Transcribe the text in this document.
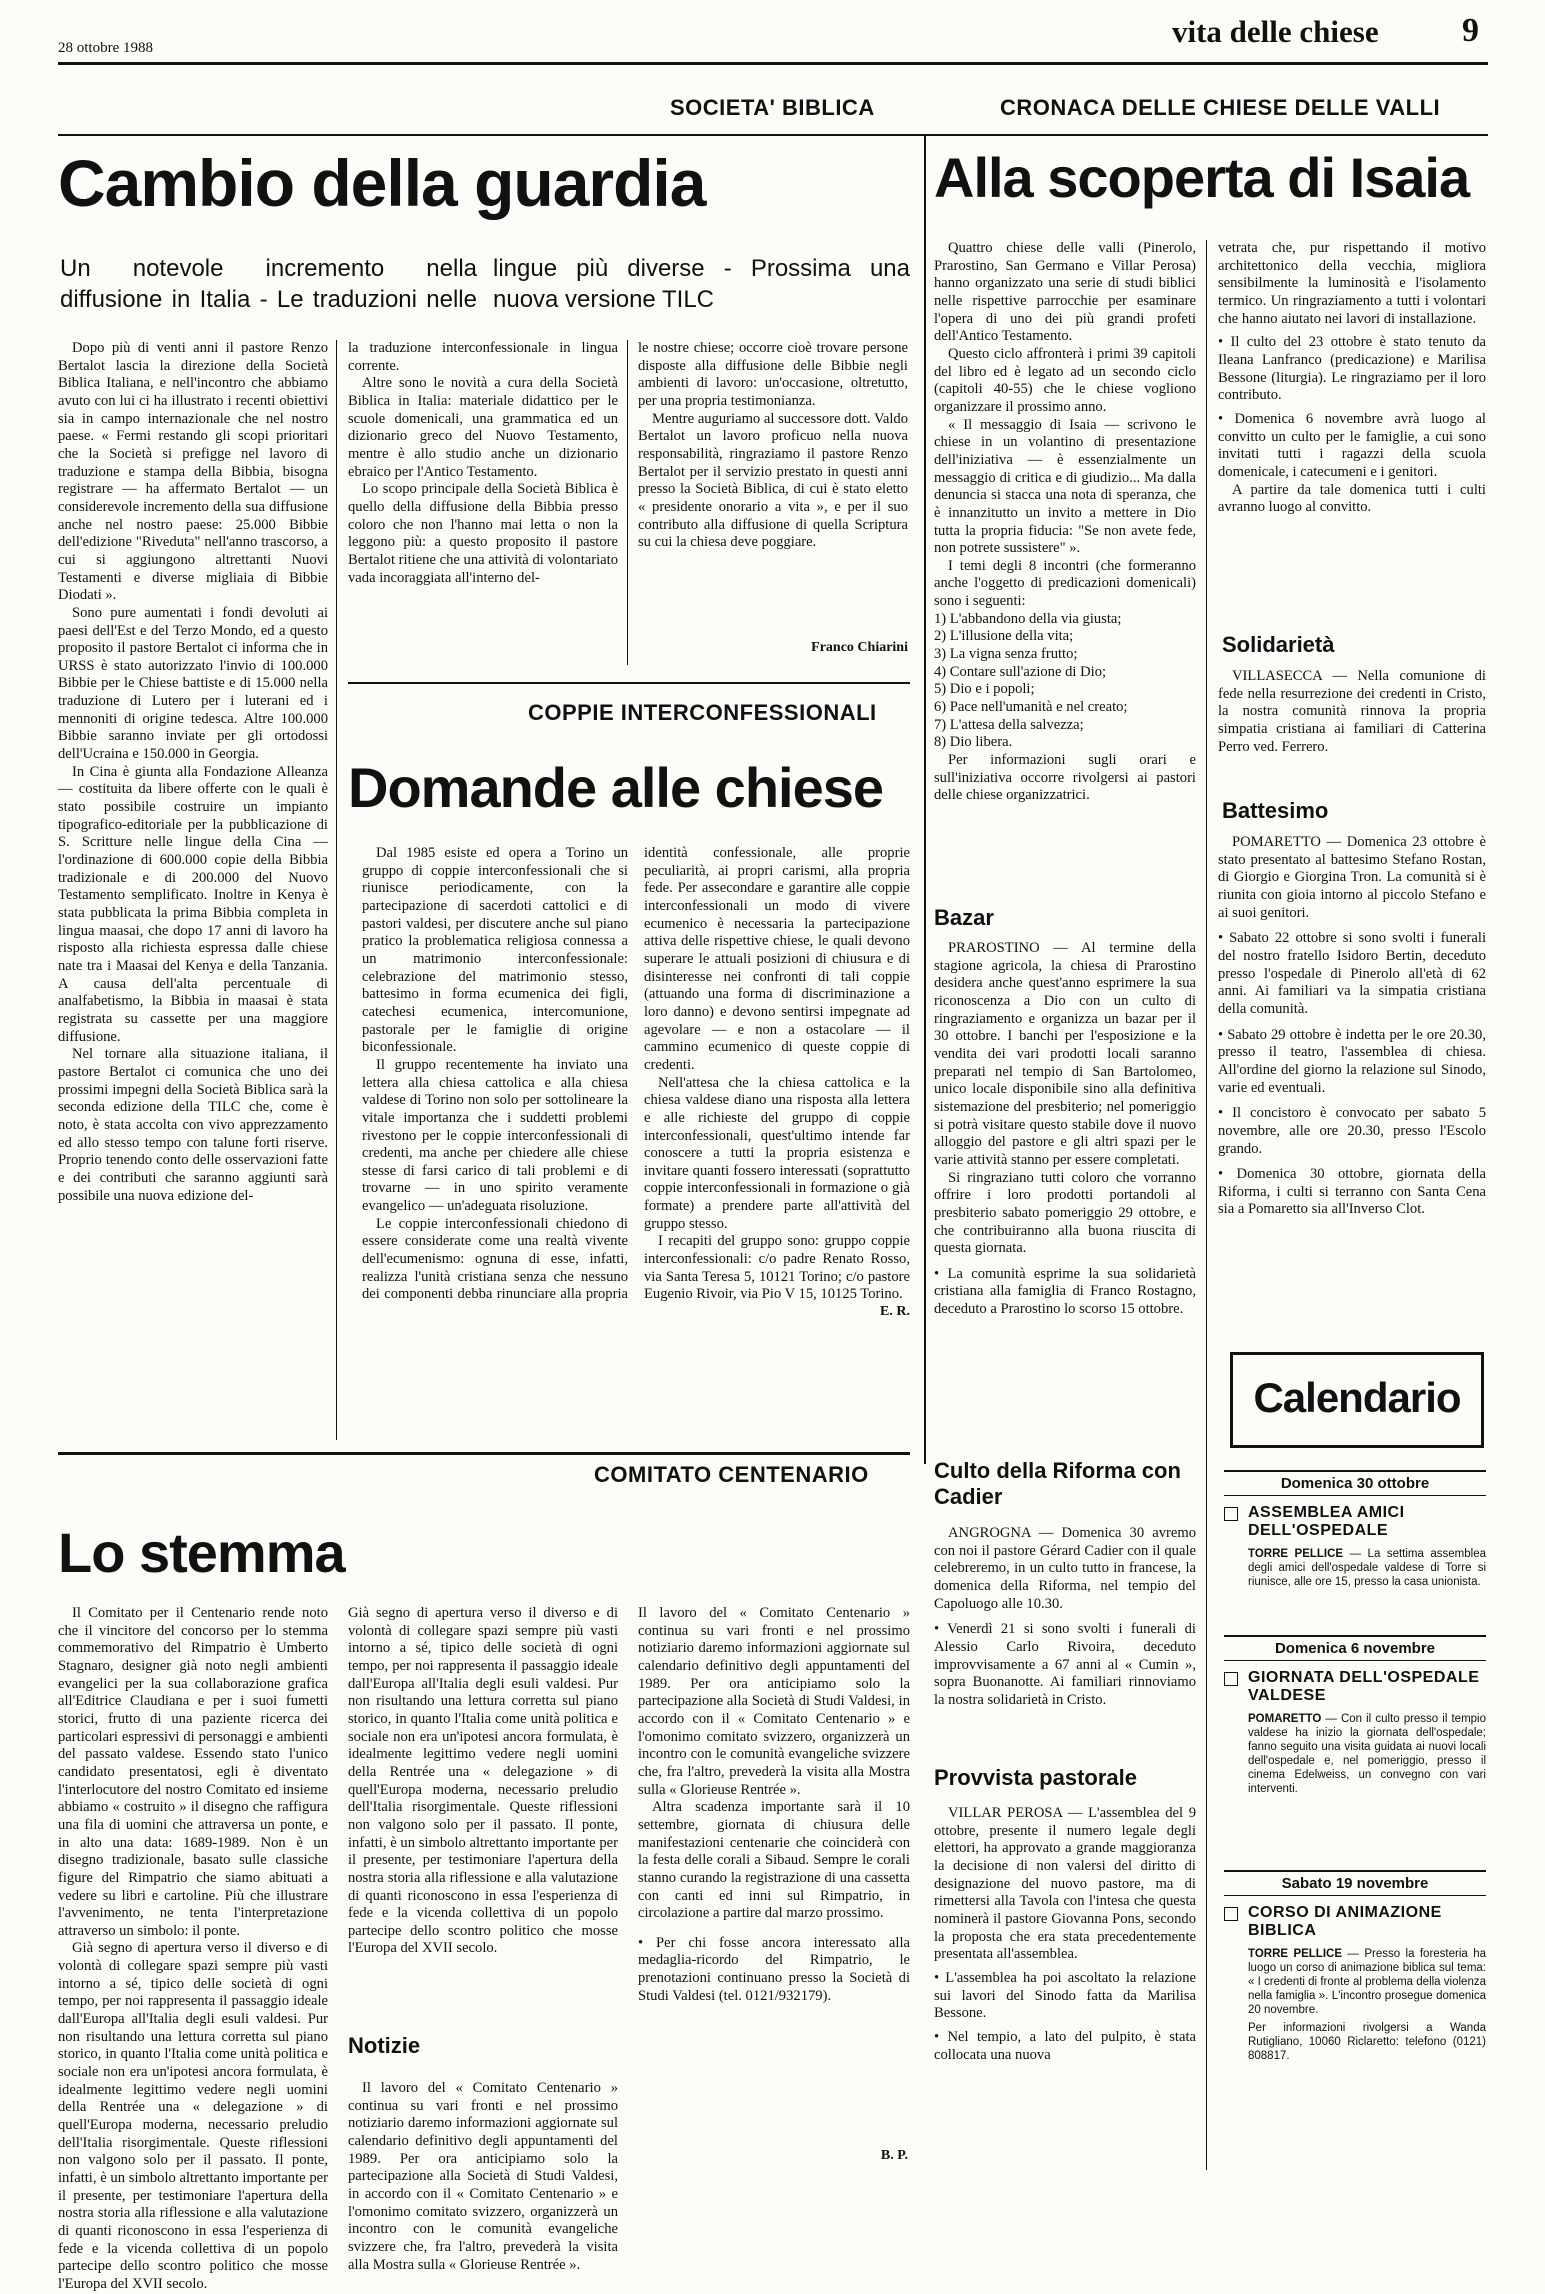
28 ottobre 1988	vita delle chiese 9
SOCIETA' BIBLICA	CRONACA DELLE CHIESE DELLE VALLI
Cambio della guardia
Un notevole incremento nella diffusione in Italia - Le traduzioni nelle lingue più diverse - Prossima una nuova versione TILC

Dopo più di venti anni il pastore Renzo Bertalot lascia la direzione della Società Biblica Italiana, e nell'incontro che abbiamo avuto con lui ci ha illustrato i recenti obiettivi sia in campo internazionale che nel nostro paese. « Fermi restando gli scopi prioritari che la Società si prefigge nel lavoro di traduzione e stampa della Bibbia, bisogna registrare — ha affermato Bertalot — un considerevole incremento della sua diffusione anche nel nostro paese: 25.000 Bibbie dell'edizione "Riveduta" nell'anno trascorso, a cui si aggiungono altrettanti Nuovi Testamenti e diverse migliaia di Bibbie Diodati ».

Sono pure aumentati i fondi devoluti ai paesi dell'Est e del Terzo Mondo, ed a questo proposito il pastore Bertalot ci informa che in URSS è stato autorizzato l'invio di 100.000 Bibbie per le Chiese battiste e di 15.000 nella traduzione di Lutero per i luterani ed i mennoniti di origine tedesca. Altre 100.000 Bibbie saranno inviate per gli ortodossi dell'Ucraina e 150.000 in Georgia.

In Cina è giunta alla Fondazione Alleanza — costituita da libere offerte con le quali è stato possibile costruire un impianto tipografico-editoriale per la pubblicazione di S. Scritture nelle lingue della Cina — l'ordinazione di 600.000 copie della Bibbia tradizionale e di 200.000 del Nuovo Testamento semplificato. Inoltre in Kenya è stata pubblicata la prima Bibbia completa in lingua maasai, che dopo 17 anni di lavoro ha risposto alla richiesta espressa dalle chiese nate tra i Maasai del Kenya e della Tanzania. A causa dell'alta percentuale di analfabetismo, la Bibbia in maasai è stata registrata su cassette per una maggiore diffusione.

Nel tornare alla situazione italiana, il pastore Bertalot ci comunica che uno dei prossimi impegni della Società Biblica sarà la seconda edizione della TILC che, come è noto, è stata accolta con vivo apprezzamento ed allo stesso tempo con talune forti riserve. Proprio tenendo conto delle osservazioni fatte e dei contributi che saranno aggiunti sarà possibile una nuova edizione del-

la traduzione interconfessionale in lingua corrente.

Altre sono le novità a cura della Società Biblica in Italia: materiale didattico per le scuole domenicali, una grammatica ed un dizionario greco del Nuovo Testamento, mentre è allo studio anche un dizionario ebraico per l'Antico Testamento.

Lo scopo principale della Società Biblica è quello della diffusione della Bibbia presso coloro che non l'hanno mai letta o non la leggono più: a questo proposito il pastore Bertalot ritiene che una attività di volontariato vada incoraggiata all'interno del-

le nostre chiese; occorre cioè trovare persone disposte alla diffusione delle Bibbie negli ambienti di lavoro: un'occasione, oltretutto, per una propria testimonianza.

Mentre auguriamo al successore dott. Valdo Bertalot un lavoro proficuo nella nuova responsabilità, ringraziamo il pastore Renzo Bertalot per il servizio prestato in questi anni presso la Società Biblica, di cui è stato eletto « presidente onorario a vita », e per il suo contributo alla diffusione di quella Scriptura su cui la chiesa deve poggiare.

Franco Chiarini
COPPIE INTERCONFESSIONALI
Domande alle chiese

Dal 1985 esiste ed opera a Torino un gruppo di coppie interconfessionali che si riunisce periodicamente, con la partecipazione di sacerdoti cattolici e di pastori valdesi, per discutere anche sul piano pratico la problematica religiosa connessa a un matrimonio interconfessionale: celebrazione del matrimonio stesso, battesimo in forma ecumenica dei figli, catechesi ecumenica, intercomunione, pastorale per le famiglie di origine biconfessionale.

Il gruppo recentemente ha inviato una lettera alla chiesa cattolica e alla chiesa valdese di Torino non solo per sottolineare la vitale importanza che i suddetti problemi rivestono per le coppie interconfessionali di credenti, ma anche per chiedere alle chiese stesse di farsi carico di tali problemi e di trovarne — in uno spirito veramente evangelico — un'adeguata risoluzione.

Le coppie interconfessionali chiedono di essere considerate come una realtà vivente dell'ecumenismo: ognuna di esse, infatti, realizza l'unità cristiana senza che nessuno dei componenti debba rinunciare alla propria identità confessionale, alle proprie peculiarità, ai propri carismi, alla propria fede. Per assecondare e garantire alle coppie interconfessionali un modo di vivere ecumenico è necessaria la partecipazione attiva delle rispettive chiese, le quali devono superare le attuali posizioni di chiusura e di disinteresse nei confronti di tali coppie (attuando una forma di discriminazione a loro danno) e devono sentirsi impegnate ad agevolare — e non a ostacolare — il cammino ecumenico di queste coppie di credenti.

Nell'attesa che la chiesa cattolica e la chiesa valdese diano una risposta alla lettera e alle richieste del gruppo di coppie interconfessionali, quest'ultimo intende far conoscere a tutti la propria esistenza e invitare quanti fossero interessati (soprattutto coppie interconfessionali in formazione o già formate) a prendere parte all'attività del gruppo stesso.

I recapiti del gruppo sono: gruppo coppie interconfessionali: c/o padre Renato Rosso, via Santa Teresa 5, 10121 Torino; c/o pastore Eugenio Rivoir, via Pio V 15, 10125 Torino.

E. R.
COMITATO CENTENARIO
Lo stemma

Il Comitato per il Centenario rende noto che il vincitore del concorso per lo stemma commemorativo del Rimpatrio è Umberto Stagnaro, designer già noto negli ambienti evangelici per la sua collaborazione grafica all'Editrice Claudiana e per i suoi fumetti storici, frutto di una paziente ricerca dei particolari espressivi di personaggi e ambienti del passato valdese. Essendo stato l'unico candidato presentatosi, egli è diventato l'interlocutore del nostro Comitato ed insieme abbiamo « costruito » il disegno che raffigura una fila di uomini che attraversa un ponte, e in alto una data: 1689-1989. Non è un disegno tradizionale, basato sulle classiche figure del Rimpatrio che siamo abituati a vedere su libri e cartoline. Più che illustrare l'avvenimento, ne tenta l'interpretazione attraverso un simbolo: il ponte.

Già segno di apertura verso il diverso e di volontà di collegare spazi sempre più vasti intorno a sé, tipico delle società di ogni tempo, per noi rappresenta il passaggio ideale dall'Europa all'Italia degli esuli valdesi. Pur non risultando una lettura corretta sul piano storico, in quanto l'Italia come unità politica e sociale non era un'ipotesi ancora formulata, è idealmente legittimo vedere negli uomini della Rentrée una « delegazione » di quell'Europa moderna, necessario preludio dell'Italia risorgimentale. Queste riflessioni non valgono solo per il passato. Il ponte, infatti, è un simbolo altrettanto importante per il presente, per testimoniare l'apertura della nostra storia alla riflessione e alla valutazione di quanti riconoscono in essa l'esperienza di fede e la vicenda collettiva di un popolo partecipe dello scontro politico che mosse l'Europa del XVII secolo.

Già segno di apertura verso il diverso e di volontà di collegare spazi sempre più vasti intorno a sé, tipico delle società di ogni tempo, per noi rappresenta il passaggio ideale dall'Europa all'Italia degli esuli valdesi. Pur non risultando una lettura corretta sul piano storico, in quanto l'Italia come unità politica e sociale non era un'ipotesi ancora formulata, è idealmente legittimo vedere negli uomini della Rentrée una « delegazione » di quell'Europa moderna, necessario preludio dell'Italia risorgimentale. Queste riflessioni non valgono solo per il passato. Il ponte, infatti, è un simbolo altrettanto importante per il presente, per testimoniare l'apertura della nostra storia alla riflessione e alla valutazione di quanti riconoscono in essa l'esperienza di fede e la vicenda collettiva di un popolo partecipe dello scontro politico che mosse l'Europa del XVII secolo.

Notizie

Il lavoro del « Comitato Centenario » continua su vari fronti e nel prossimo notiziario daremo informazioni aggiornate sul calendario definitivo degli appuntamenti del 1989. Per ora anticipiamo solo la partecipazione alla Società di Studi Valdesi, in accordo con il « Comitato Centenario » e l'omonimo comitato svizzero, organizzerà un incontro con le comunità evangeliche svizzere che, fra l'altro, prevederà la visita alla Mostra sulla « Glorieuse Rentrée ».

Il lavoro del « Comitato Centenario » continua su vari fronti e nel prossimo notiziario daremo informazioni aggiornate sul calendario definitivo degli appuntamenti del 1989. Per ora anticipiamo solo la partecipazione alla Società di Studi Valdesi, in accordo con il « Comitato Centenario » e l'omonimo comitato svizzero, organizzerà un incontro con le comunità evangeliche svizzere che, fra l'altro, prevederà la visita alla Mostra sulla « Glorieuse Rentrée ».

Altra scadenza importante sarà il 10 settembre, giornata di chiusura delle manifestazioni centenarie che coinciderà con la festa delle corali a Sibaud. Sempre le corali stanno curando la registrazione di una cassetta con canti ed inni sul Rimpatrio, in circolazione a partire dal marzo prossimo.

• Per chi fosse ancora interessato alla medaglia-ricordo del Rimpatrio, le prenotazioni continuano presso la Società di Studi Valdesi (tel. 0121/932179).

B. P.
Alla scoperta di Isaia

Quattro chiese delle valli (Pinerolo, Prarostino, San Germano e Villar Perosa) hanno organizzato una serie di studi biblici nelle rispettive parrocchie per esaminare l'opera di uno dei più grandi profeti dell'Antico Testamento.

Questo ciclo affronterà i primi 39 capitoli del libro ed è legato ad un secondo ciclo (capitoli 40-55) che le chiese vogliono organizzare il prossimo anno.

« Il messaggio di Isaia — scrivono le chiese in un volantino di presentazione dell'iniziativa — è essenzialmente un messaggio di critica e di giudizio... Ma dalla denuncia si stacca una nota di speranza, che è innanzitutto un invito a mettere in Dio tutta la propria fiducia: "Se non avete fede, non potrete sussistere" ».

I temi degli 8 incontri (che formeranno anche l'oggetto di predicazioni domenicali) sono i seguenti:

1) L'abbandono della via giusta;
2) L'illusione della vita;
3) La vigna senza frutto;
4) Contare sull'azione di Dio;
5) Dio e i popoli;
6) Pace nell'umanità e nel creato;
7) L'attesa della salvezza;
8) Dio libera.

Per informazioni sugli orari e sull'iniziativa occorre rivolgersi ai pastori delle chiese organizzatrici.

Bazar

PRAROSTINO — Al termine della stagione agricola, la chiesa di Prarostino desidera anche quest'anno esprimere la sua riconoscenza a Dio con un culto di ringraziamento e organizza un bazar per il 30 ottobre. I banchi per l'esposizione e la vendita dei vari prodotti locali saranno preparati nel tempio di San Bartolomeo, unico locale disponibile sino alla definitiva sistemazione del presbiterio; nel pomeriggio si potrà visitare questo stabile dove il nuovo alloggio del pastore e gli altri spazi per le varie attività stanno per essere completati.

Si ringraziano tutti coloro che vorranno offrire i loro prodotti portandoli al presbiterio sabato pomeriggio 29 ottobre, e che contribuiranno alla buona riuscita di questa giornata.

• La comunità esprime la sua solidarietà cristiana alla famiglia di Franco Rostagno, deceduto a Prarostino lo scorso 15 ottobre.

Culto della Riforma con Cadier

ANGROGNA — Domenica 30 avremo con noi il pastore Gérard Cadier con il quale celebreremo, in un culto tutto in francese, la domenica della Riforma, nel tempio del Capoluogo alle 10.30.

• Venerdì 21 si sono svolti i funerali di Alessio Carlo Rivoira, deceduto improvvisamente a 67 anni al « Cumin », sopra Buonanotte. Ai familiari rinnoviamo la nostra solidarietà in Cristo.

Provvista pastorale

VILLAR PEROSA — L'assemblea del 9 ottobre, presente il numero legale degli elettori, ha approvato a grande maggioranza la decisione di non valersi del diritto di designazione del nuovo pastore, ma di rimettersi alla Tavola con l'intesa che questa nominerà il pastore Giovanna Pons, secondo la proposta che era stata precedentemente presentata all'assemblea.

• L'assemblea ha poi ascoltato la relazione sui lavori del Sinodo fatta da Marilisa Bessone.

• Nel tempio, a lato del pulpito, è stata collocata una nuova

vetrata che, pur rispettando il motivo architettonico della vecchia, migliora sensibilmente la luminosità e l'isolamento termico. Un ringraziamento a tutti i volontari che hanno aiutato nei lavori di installazione.

• Il culto del 23 ottobre è stato tenuto da Ileana Lanfranco (predicazione) e Marilisa Bessone (liturgia). Le ringraziamo per il loro contributo.

• Domenica 6 novembre avrà luogo al convitto un culto per le famiglie, a cui sono invitati tutti i ragazzi della scuola domenicale, i catecumeni e i genitori.

A partire da tale domenica tutti i culti avranno luogo al convitto.

Solidarietà

VILLASECCA — Nella comunione di fede nella resurrezione dei credenti in Cristo, la nostra comunità rinnova la propria simpatia cristiana ai familiari di Catterina Perro ved. Ferrero.

Battesimo

POMARETTO — Domenica 23 ottobre è stato presentato al battesimo Stefano Rostan, di Giorgio e Giorgina Tron. La comunità si è riunita con gioia intorno al piccolo Stefano e ai suoi genitori.

• Sabato 22 ottobre si sono svolti i funerali del nostro fratello Isidoro Bertin, deceduto presso l'ospedale di Pinerolo all'età di 62 anni. Ai familiari va la simpatia cristiana della comunità.

• Sabato 29 ottobre è indetta per le ore 20.30, presso il teatro, l'assemblea di chiesa. All'ordine del giorno la relazione sul Sinodo, varie ed eventuali.

• Il concistoro è convocato per sabato 5 novembre, alle ore 20.30, presso l'Escolo grando.

• Domenica 30 ottobre, giornata della Riforma, i culti si terranno con Santa Cena sia a Pomaretto sia all'Inverso Clot.

Calendario
Domenica 30 ottobre
ASSEMBLEA AMICI DELL'OSPEDALE
TORRE PELLICE — La settima assemblea degli amici dell'ospedale valdese di Torre si riunisce, alle ore 15, presso la casa unionista.
Domenica 6 novembre
GIORNATA DELL'OSPEDALE VALDESE
POMARETTO — Con il culto presso il tempio valdese ha inizio la giornata dell'ospedale; fanno seguito una visita guidata ai nuovi locali dell'ospedale e, nel pomeriggio, presso il cinema Edelweiss, un convegno con vari interventi.
Sabato 19 novembre
CORSO DI ANIMAZIONE BIBLICA
TORRE PELLICE — Presso la foresteria ha luogo un corso di animazione biblica sul tema: « I credenti di fronte al problema della violenza nella famiglia ». L'incontro prosegue domenica 20 novembre.
Per informazioni rivolgersi a Wanda Rutigliano, 10060 Riclaretto: telefono (0121) 808817.
